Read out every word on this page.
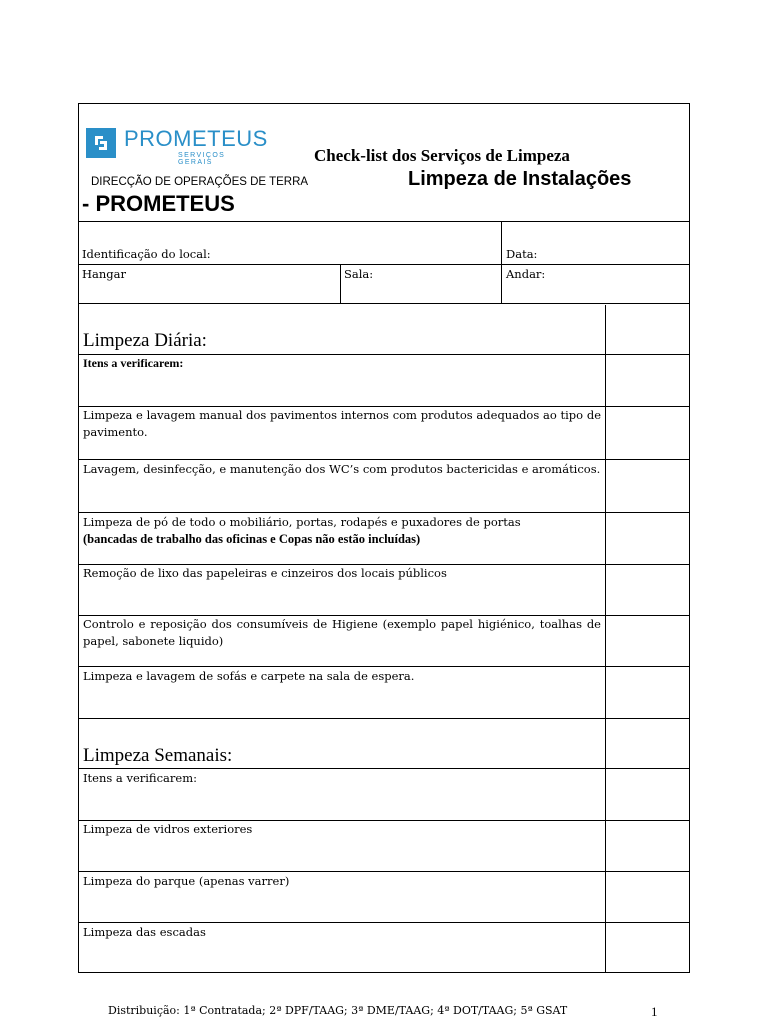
PROMETEUS
SERVIÇOS GERAIS	Check-list dos Serviços de Limpeza
Limpeza de Instalações
DIRECÇÃO DE OPERAÇÕES DE TERRA
- PROMETEUS
Identificação do local:	Data:
Hangar	Sala:	Andar:
Limpeza Diária:
Itens a verificarem:
Limpeza e lavagem manual dos pavimentos internos com produtos adequados ao tipo de pavimento.
Lavagem, desinfecção, e manutenção dos WC’s com produtos bactericidas e aromáticos.
Limpeza de pó de todo o mobiliário, portas, rodapés e puxadores de portas
(bancadas de trabalho das oficinas e Copas não estão incluídas)
Remoção de lixo das papeleiras e cinzeiros dos locais públicos
Controlo e reposição dos consumíveis de Higiene (exemplo papel higiénico, toalhas de papel, sabonete liquido)
Limpeza e lavagem de sofás e carpete na sala de espera.
Limpeza Semanais:
Itens a verificarem:
Limpeza de vidros exteriores
Limpeza do parque (apenas varrer)
Limpeza das escadas
Distribuição: 1ª Contratada; 2ª DPF/TAAG; 3ª DME/TAAG; 4ª DOT/TAAG; 5ª GSAT	1
